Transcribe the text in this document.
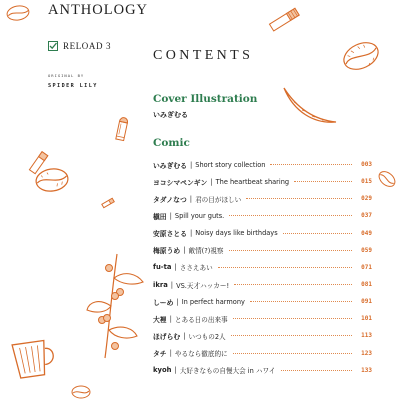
ANTHOLOGY
RELOAD 3
ORIGINAL BY
SPIDER LILY
CONTENTS
Cover Illustration
いみぎむる
Comic
いみぎむる | Short story collection	003
ヨコシマペンギン | The heartbeat sharing	015
タダノなつ | 君の目がほしい	029
槇田 | Spill your guts.	037
安原さとる | Noisy days like birthdays	049
梅原うめ | 敵情(?)視察	059
fu-ta | ささえあい	071
ikra | VS.天才ハッカー!	081
しーめ | In perfect harmony	091
大裡 | とある日の出来事	101
ほげらむ | いつもの2人	113
タチ | やるなら徹底的に	123
kyoh | 大好きなもの自慢大会 in ハワイ	133
